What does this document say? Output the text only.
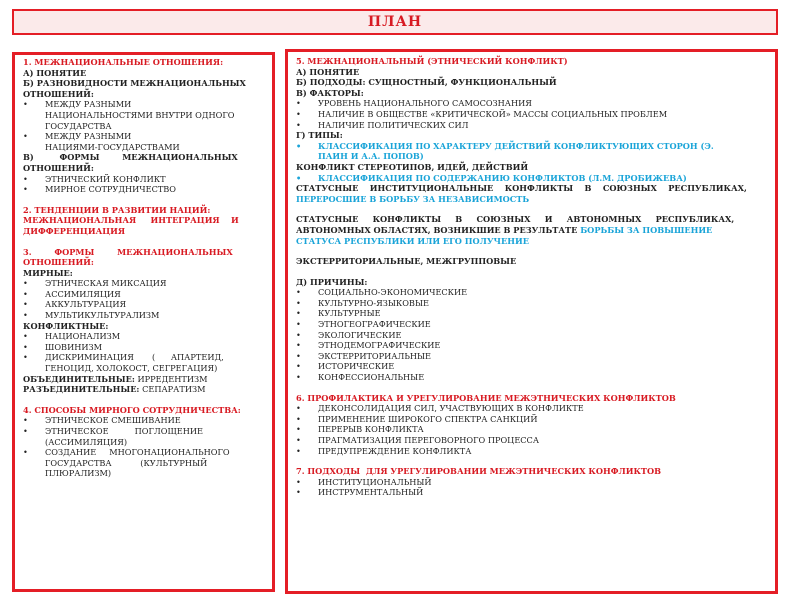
ПЛАН
1. МЕЖНАЦИОНАЛЬНЫЕ ОТНОШЕНИЯ:
А) ПОНЯТИЕ
Б) РАЗНОВИДНОСТИ МЕЖНАЦИОНАЛЬНЫХ
ОТНОШЕНИЙ:
•	МЕЖДУ РАЗНЫМИ
НАЦИОНАЛЬНОСТЯМИ ВНУТРИ ОДНОГО
ГОСУДАРСТВА
•	МЕЖДУ РАЗНЫМИ
НАЦИЯМИ-ГОСУДАРСТВАМИ
В)         ФОРМЫ        МЕЖНАЦИОНАЛЬНЫХ
ОТНОШЕНИЙ:
•	ЭТНИЧЕСКИЙ КОНФЛИКТ
•	МИРНОЕ СОТРУДНИЧЕСТВО
2. ТЕНДЕНЦИИ В РАЗВИТИИ НАЦИЙ:
МЕЖНАЦИОНАЛЬНАЯ     ИНТЕГРАЦИЯ    И
ДИФФЕРЕНЦИАЦИЯ
3.        ФОРМЫ        МЕЖНАЦИОНАЛЬНЫХ
ОТНОШЕНИЙ:
МИРНЫЕ:
•	ЭТНИЧЕСКАЯ МИКСАЦИЯ
•	АССИМИЛЯЦИЯ
•	АККУЛЬТУРАЦИЯ
•	МУЛЬТИКУЛЬТУРАЛИЗМ
КОНФЛИКТНЫЕ:
•	НАЦИОНАЛИЗМ
•	ШОВИНИЗМ
•	ДИСКРИМИНАЦИЯ       (      АПАРТЕИД,
ГЕНОЦИД, ХОЛОКОСТ, СЕГРЕГАЦИЯ)
ОБЪЕДИНИТЕЛЬНЫЕ: ИРРЕДЕНТИЗМ
РАЗЪЕДИНИТЕЛЬНЫЕ: СЕПАРАТИЗМ
4. СПОСОБЫ МИРНОГО СОТРУДНИЧЕСТВА:
•	ЭТНИЧЕСКОЕ СМЕШИВАНИЕ
•	ЭТНИЧЕСКОЕ          ПОГЛОЩЕНИЕ
(АССИМИЛЯЦИЯ)
•	СОЗДАНИЕ     МНОГОНАЦИОНАЛЬНОГО
ГОСУДАРСТВА           (КУЛЬТУРНЫЙ
ПЛЮРАЛИЗМ)
5. МЕЖНАЦИОНАЛЬНЫЙ (ЭТНИЧЕСКИЙ КОНФЛИКТ)
А) ПОНЯТИЕ
Б) ПОДХОДЫ: СУЩНОСТНЫЙ, ФУНКЦИОНАЛЬНЫЙ
В) ФАКТОРЫ:
•	УРОВЕНЬ НАЦИОНАЛЬНОГО САМОСОЗНАНИЯ
•	НАЛИЧИЕ В ОБЩЕСТВЕ «КРИТИЧЕСКОЙ» МАССЫ СОЦИАЛЬНЫХ ПРОБЛЕМ
•	НАЛИЧИЕ ПОЛИТИЧЕСКИХ СИЛ
Г) ТИПЫ:
•	КЛАССИФИКАЦИЯ ПО ХАРАКТЕРУ ДЕЙСТВИЙ КОНФЛИКТУЮЩИХ СТОРОН (Э.
ПАИН И А.А. ПОПОВ)
КОНФЛИКТ СТЕРЕОТИПОВ, ИДЕЙ, ДЕЙСТВИЙ
•	КЛАССИФИКАЦИЯ ПО СОДЕРЖАНИЮ КОНФЛИКТОВ (Л.М. ДРОБИЖЕВА)
СТАТУСНЫЕ    ИНСТИТУЦИОНАЛЬНЫЕ    КОНФЛИКТЫ    В    СОЮЗНЫХ    РЕСПУБЛИКАХ,
ПЕРЕРОСШИЕ В БОРЬБУ ЗА НЕЗАВИСИМОСТЬ
СТАТУСНЫЕ     КОНФЛИКТЫ     В     СОЮЗНЫХ     И     АВТОНОМНЫХ     РЕСПУБЛИКАХ,
АВТОНОМНЫХ ОБЛАСТЯХ, ВОЗНИКШИЕ В РЕЗУЛЬТАТЕ БОРЬБЫ ЗА ПОВЫШЕНИЕ
СТАТУСА РЕСПУБЛИКИ ИЛИ ЕГО ПОЛУЧЕНИЕ
ЭКСТЕРРИТОРИАЛЬНЫЕ, МЕЖГРУППОВЫЕ
Д) ПРИЧИНЫ:
•	СОЦИАЛЬНО-ЭКОНОМИЧЕСКИЕ
•	КУЛЬТУРНО-ЯЗЫКОВЫЕ
•	КУЛЬТУРНЫЕ
•	ЭТНОГЕОГРАФИЧЕСКИЕ
•	ЭКОЛОГИЧЕСКИЕ
•	ЭТНОДЕМОГРАФИЧЕСКИЕ
•	ЭКСТЕРРИТОРИАЛЬНЫЕ
•	ИСТОРИЧЕСКИЕ
•	КОНФЕССИОНАЛЬНЫЕ
6. ПРОФИЛАКТИКА И УРЕГУЛИРОВАНИЕ МЕЖЭТНИЧЕСКИХ КОНФЛИКТОВ
•	ДЕКОНСОЛИДАЦИЯ СИЛ, УЧАСТВУЮЩИХ В КОНФЛИКТЕ
•	ПРИМЕНЕНИЕ ШИРОКОГО СПЕКТРА САНКЦИЙ
•	ПЕРЕРЫВ КОНФЛИКТА
•	ПРАГМАТИЗАЦИЯ ПЕРЕГОВОРНОГО ПРОЦЕССА
•	ПРЕДУПРЕЖДЕНИЕ КОНФЛИКТА
7. ПОДХОДЫ  ДЛЯ УРЕГУЛИРОВАНИИ МЕЖЭТНИЧЕСКИХ КОНФЛИКТОВ
•	ИНСТИТУЦИОНАЛЬНЫЙ
•	ИНСТРУМЕНТАЛЬНЫЙ
